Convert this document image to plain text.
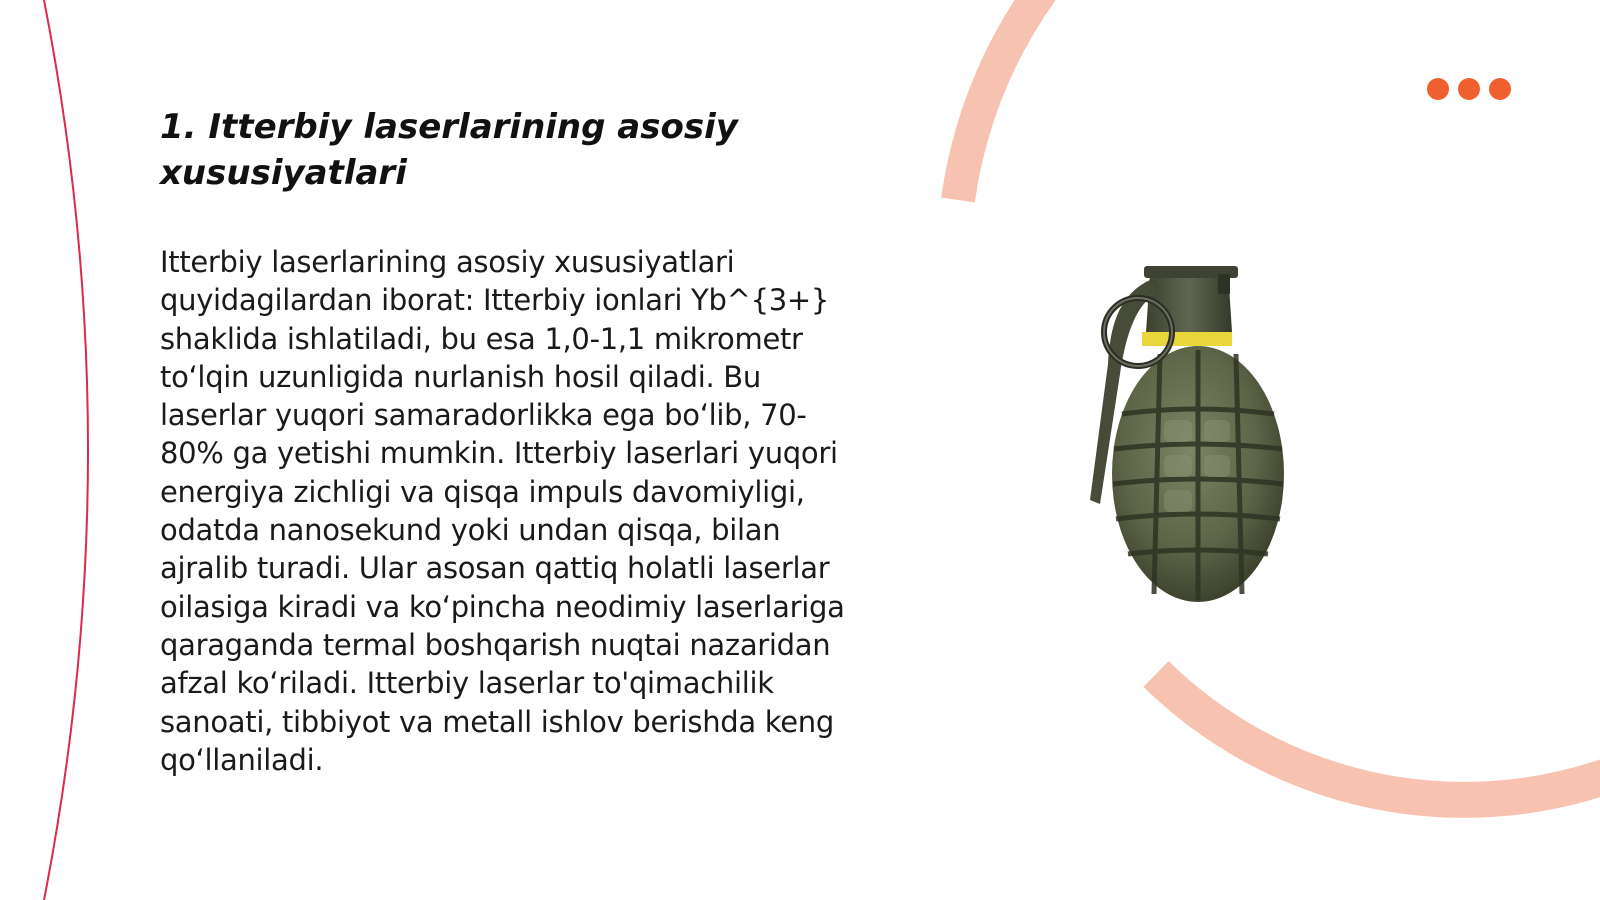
1. Itterbiy laserlarining asosiy xususiyatlari

Itterbiy laserlarining asosiy xususiyatlari quyidagilardan iborat: Itterbiy ionlari Yb^{3+} shaklida ishlatiladi, bu esa 1,0-1,1 mikrometr to‘lqin uzunligida nurlanish hosil qiladi. Bu laserlar yuqori samaradorlikka ega bo‘lib, 70-80% ga yetishi mumkin. Itterbiy laserlari yuqori energiya zichligi va qisqa impuls davomiyligi, odatda nanosekund yoki undan qisqa, bilan ajralib turadi. Ular asosan qattiq holatli laserlar oilasiga kiradi va ko‘pincha neodimiy laserlariga qaraganda termal boshqarish nuqtai nazaridan afzal ko‘riladi. Itterbiy laserlar to'qimachilik sanoati, tibbiyot va metall ishlov berishda keng qo‘llaniladi.
